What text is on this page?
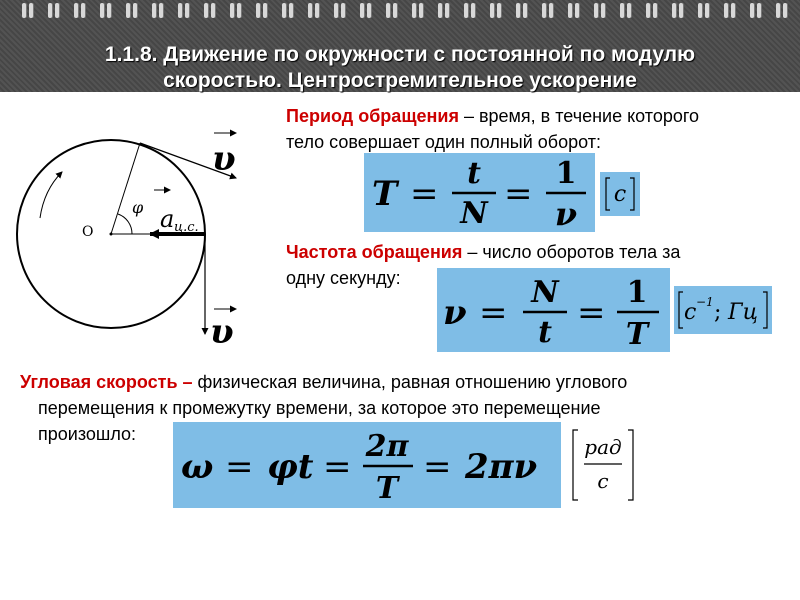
1.1.8. Движение по окружности с постоянной по модулю
скоростью. Центростремительное ускорение
O
φ a ц.с.
υ
υ
Период обращения – время, в течение которого
тело совершает один полный оборот:
T =
t
N =
1
ν
с
Частота обращения – число оборотов тела за
одну секунду:
ν =
N
t =
1
T
с −1 ; Гц
Угловая скорость – физическая величина, равная отношению углового
перемещения к промежутку времени, за которое это перемещение
произошло:
ω = φt =
2π
T
= 2πν рад
с
